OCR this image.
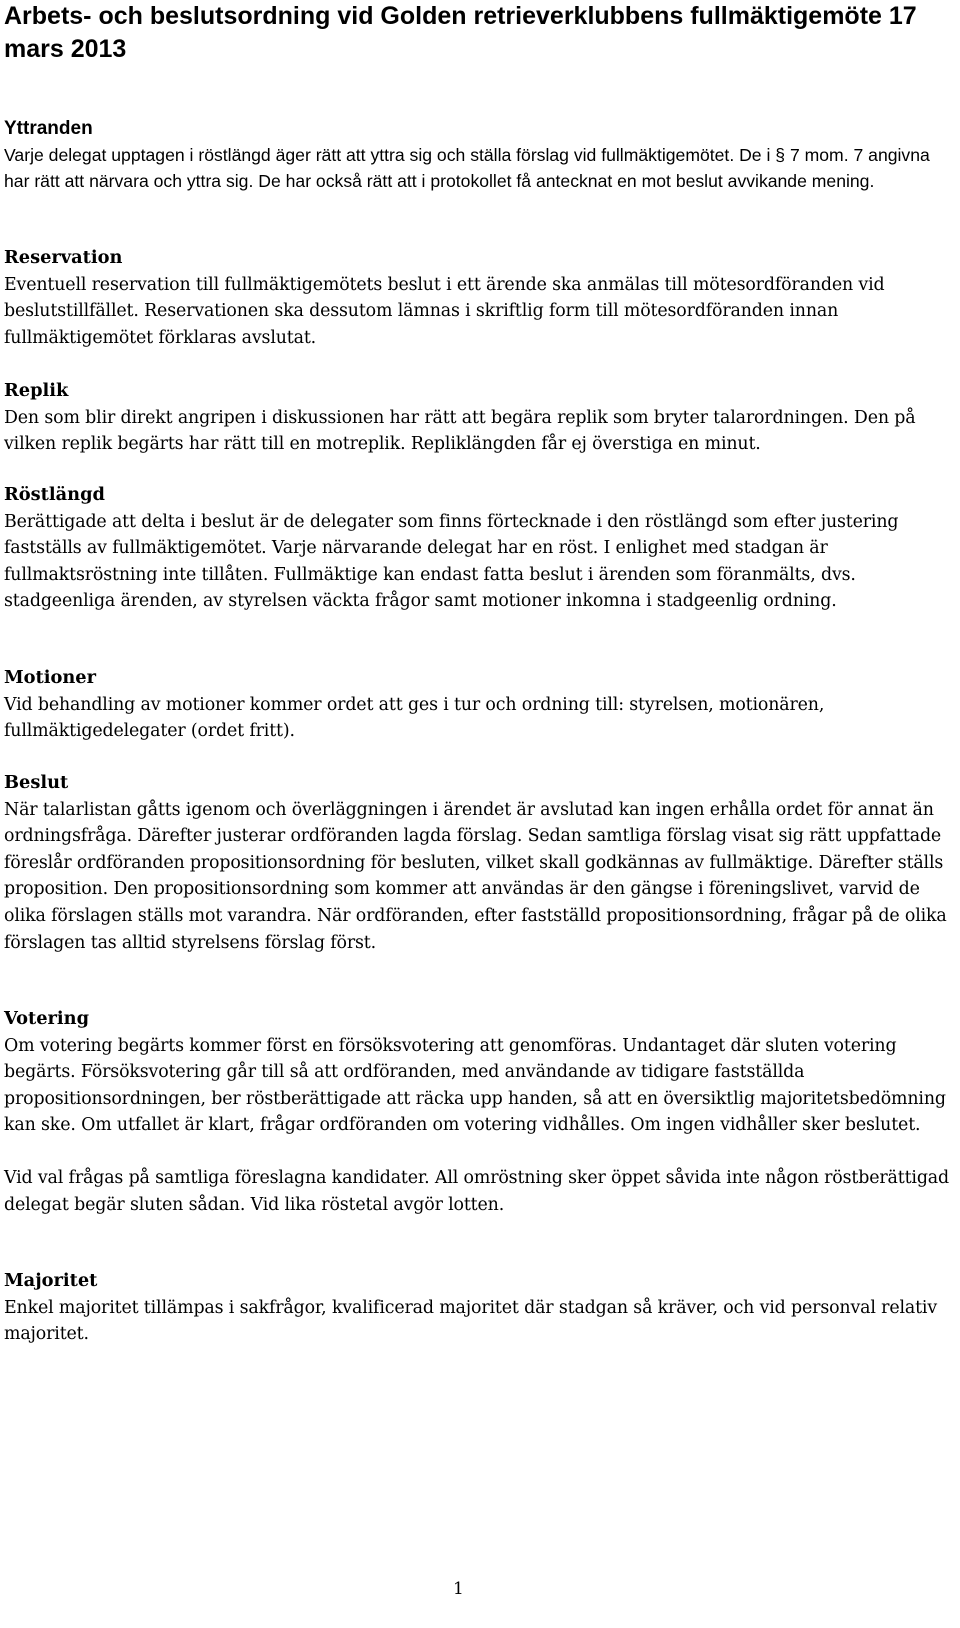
Arbets- och beslutsordning vid Golden retrieverklubbens fullmäktigemöte 17 mars 2013

Yttranden

Varje delegat upptagen i röstlängd äger rätt att yttra sig och ställa förslag vid fullmäktigemötet. De i § 7 mom. 7 angivna har rätt att närvara och yttra sig. De har också rätt att i protokollet få antecknat en mot beslut avvikande mening.

Reservation

Eventuell reservation till fullmäktigemötets beslut i ett ärende ska anmälas till mötesordföranden vid beslutstillfället. Reservationen ska dessutom lämnas i skriftlig form till mötesordföranden innan fullmäktigemötet förklaras avslutat.

Replik

Den som blir direkt angripen i diskussionen har rätt att begära replik som bryter talarordningen. Den på vilken replik begärts har rätt till en motreplik. Repliklängden får ej överstiga en minut.

Röstlängd

Berättigade att delta i beslut är de delegater som finns förtecknade i den röstlängd som efter justering fastställs av fullmäktigemötet. Varje närvarande delegat har en röst. I enlighet med stadgan är fullmaktsröstning inte tillåten. Fullmäktige kan endast fatta beslut i ärenden som föranmälts, dvs. stadgeenliga ärenden, av styrelsen väckta frågor samt motioner inkomna i stadgeenlig ordning.

Motioner

Vid behandling av motioner kommer ordet att ges i tur och ordning till: styrelsen, motionären, fullmäktigedelegater (ordet fritt).

Beslut

När talarlistan gåtts igenom och överläggningen i ärendet är avslutad kan ingen erhålla ordet för annat än ordningsfråga. Därefter justerar ordföranden lagda förslag. Sedan samtliga förslag visat sig rätt uppfattade föreslår ordföranden propositionsordning för besluten, vilket skall godkännas av fullmäktige. Därefter ställs proposition. Den propositionsordning som kommer att användas är den gängse i föreningslivet, varvid de olika förslagen ställs mot varandra. När ordföranden, efter fastställd propositionsordning, frågar på de olika förslagen tas alltid styrelsens förslag först.

Votering

Om votering begärts kommer först en försöksvotering att genomföras. Undantaget där sluten votering begärts. Försöksvotering går till så att ordföranden, med användande av tidigare fastställda propositionsordningen, ber röstberättigade att räcka upp handen, så att en översiktlig majoritetsbedömning kan ske. Om utfallet är klart, frågar ordföranden om votering vidhålles. Om ingen vidhåller sker beslutet.

Vid val frågas på samtliga föreslagna kandidater. All omröstning sker öppet såvida inte någon röstberättigad delegat begär sluten sådan. Vid lika röstetal avgör lotten.

Majoritet

Enkel majoritet tillämpas i sakfrågor, kvalificerad majoritet där stadgan så kräver, och vid personval relativ majoritet.

1
